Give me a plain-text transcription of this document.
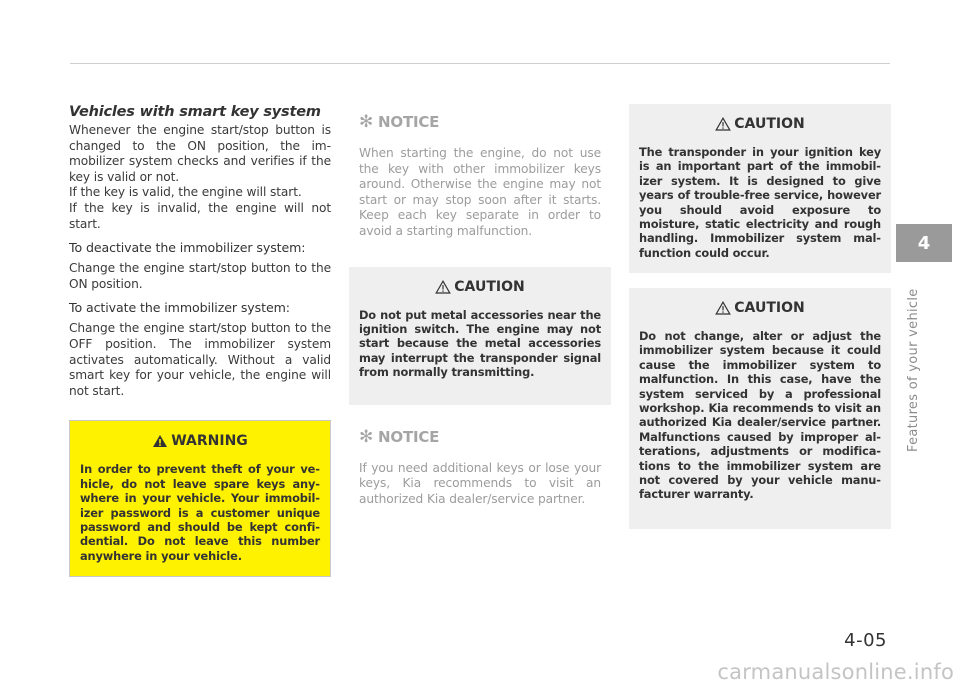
Vehicles with smart key system

Whenever the engine start/stop button is changed to the ON position, the immobilizer system checks and verifies if the key is valid or not.

If the key is valid, the engine will start.

If the key is invalid, the engine will not start.

To deactivate the immobilizer system:

Change the engine start/stop button to the ON position.

To activate the immobilizer system:

Change the engine start/stop button to the OFF position. The immobilizer system activates automatically. Without a valid smart key for your vehicle, the engine will not start.

WARNING

In order to prevent theft of your vehicle, do not leave spare keys anywhere in your vehicle. Your immobilizer password is a customer unique password and should be kept confidential. Do not leave this number anywhere in your vehicle.

✻ NOTICE

When starting the engine, do not use the key with other immobilizer keys around. Otherwise the engine may not start or may stop soon after it starts. Keep each key separate in order to avoid a starting malfunction.

CAUTION

Do not put metal accessories near the ignition switch. The engine may not start because the metal accessories may interrupt the transponder signal from normally transmitting.

✻ NOTICE

If you need additional keys or lose your keys, Kia recommends to visit an authorized Kia dealer/service partner.

CAUTION

The transponder in your ignition key is an important part of the immobilizer system. It is designed to give years of trouble-free service, however you should avoid exposure to moisture, static electricity and rough handling. Immobilizer system malfunction could occur.

CAUTION

Do not change, alter or adjust the immobilizer system because it could cause the immobilizer system to malfunction. In this case, have the system serviced by a professional workshop. Kia recommends to visit an authorized Kia dealer/service partner. Malfunctions caused by improper alterations, adjustments or modifications to the immobilizer system are not covered by your vehicle manufacturer warranty.

4
Features of your vehicle
4-05
carmanualsonline.info
